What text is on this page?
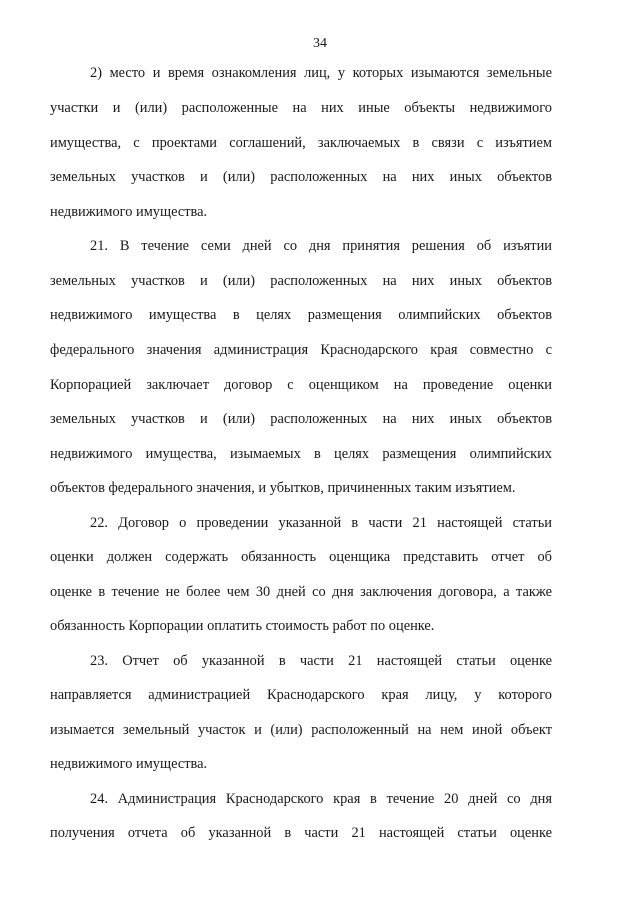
34
2) место и время ознакомления лиц, у которых изымаются земельные
участки и (или) расположенные на них иные объекты недвижимого
имущества, с проектами соглашений, заключаемых в связи с изъятием
земельных участков и (или) расположенных на них иных объектов
недвижимого имущества.
21. В течение семи дней со дня принятия решения об изъятии
земельных участков и (или) расположенных на них иных объектов
недвижимого имущества в целях размещения олимпийских объектов
федерального значения администрация Краснодарского края совместно с
Корпорацией заключает договор с оценщиком на проведение оценки
земельных участков и (или) расположенных на них иных объектов
недвижимого имущества, изымаемых в целях размещения олимпийских
объектов федерального значения, и убытков, причиненных таким изъятием.
22. Договор о проведении указанной в части 21 настоящей статьи
оценки должен содержать обязанность оценщика представить отчет об
оценке в течение не более чем 30 дней со дня заключения договора, а также
обязанность Корпорации оплатить стоимость работ по оценке.
23. Отчет об указанной в части 21 настоящей статьи оценке
направляется администрацией Краснодарского края лицу, у которого
изымается земельный участок и (или) расположенный на нем иной объект
недвижимого имущества.
24. Администрация Краснодарского края в течение 20 дней со дня
получения отчета об указанной в части 21 настоящей статьи оценке
